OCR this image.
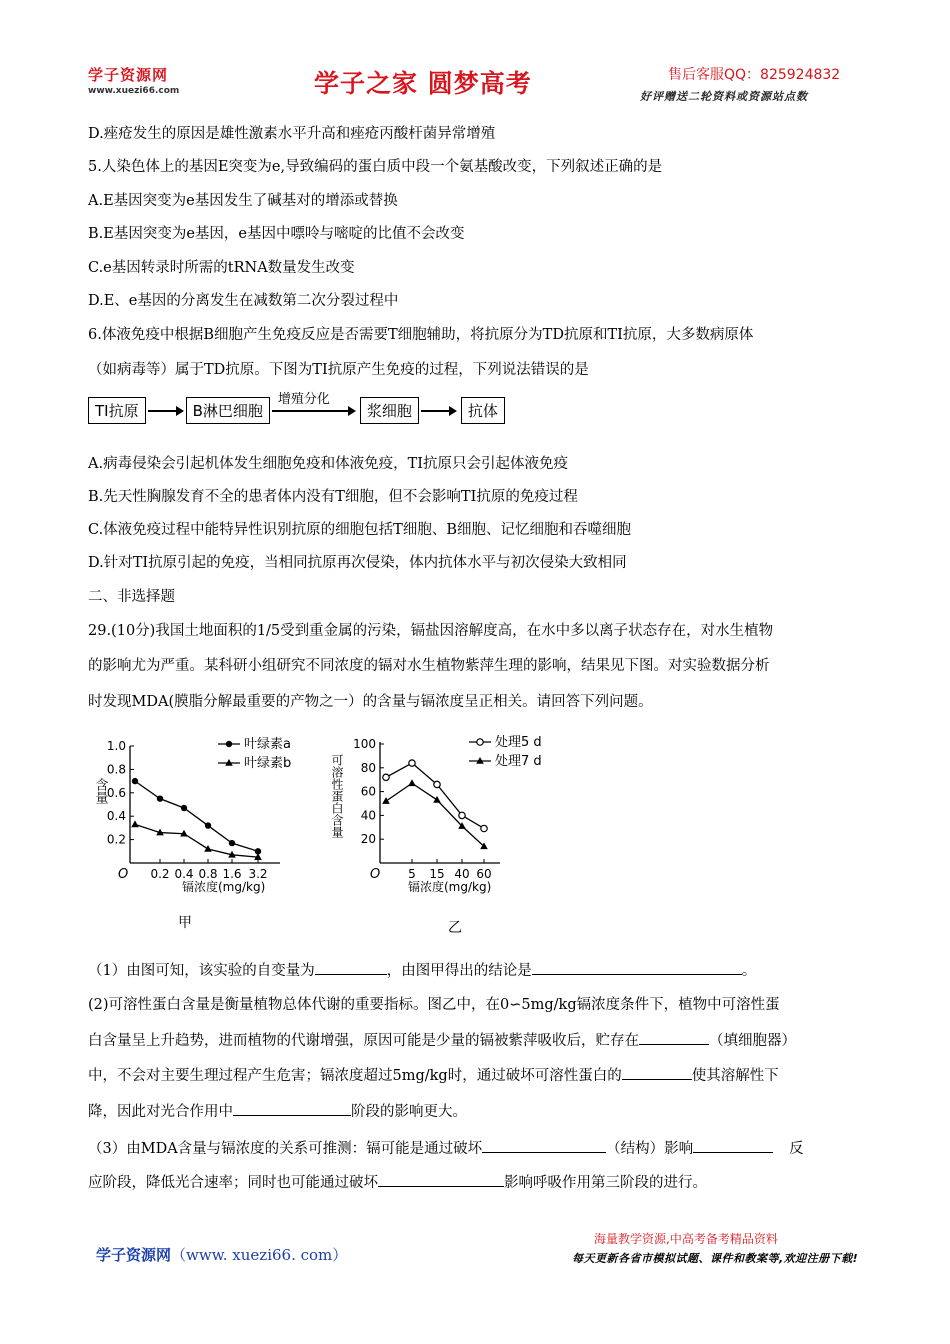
学子资源网
www.xuezi66.com	学子之家 圆梦高考	售后客服QQ：825924832
好评赠送二轮资料或资源站点数
D.痤疮发生的原因是雄性激素水平升高和痤疮丙酸杆菌异常增殖
5.人染色体上的基因E突变为e,导致编码的蛋白质中段一个氨基酸改变，下列叙述正确的是
A.E基因突变为e基因发生了碱基对的增添或替换
B.E基因突变为e基因，e基因中嘌呤与嘧啶的比值不会改变
C.e基因转录时所需的tRNA数量发生改变
D.E、e基因的分离发生在减数第二次分裂过程中
6.体液免疫中根据B细胞产生免疫反应是否需要T细胞辅助，将抗原分为TD抗原和TI抗原，大多数病原体
（如病毒等）属于TD抗原。下图为TI抗原产生免疫的过程，下列说法错误的是
TI抗原	B淋巴细胞
增殖分化
浆细胞	抗体
A.病毒侵染会引起机体发生细胞免疫和体液免疫，TI抗原只会引起体液免疫
B.先天性胸腺发育不全的患者体内没有T细胞，但不会影响TI抗原的免疫过程
C.体液免疫过程中能特异性识别抗原的细胞包括T细胞、B细胞、记忆细胞和吞噬细胞
D.针对TI抗原引起的免疫，当相同抗原再次侵染，体内抗体水平与初次侵染大致相同
二、非选择题
29.(10分)我国土地面积的1/5受到重金属的污染，镉盐因溶解度高，在水中多以离子状态存在，对水生植物
的影响尤为严重。某科研小组研究不同浓度的镉对水生植物紫萍生理的影响，结果见下图。对实验数据分析
时发现MDA(膜脂分解最重要的产物之一）的含量与镉浓度呈正相关。请回答下列问题。
含量
O
镉浓度(mg/kg)
甲
0.2
0.4
0.6
0.8
1.0
0.2 0.4 0.8 1.6 3.2
叶绿素a
叶绿素b	可溶性蛋白含量
O
镉浓度(mg/kg)
乙
20
40
60
80
100
5 15 40 60
处理5 d
处理7 d
（1）由图可知，该实验的自变量为	，由图甲得出的结论是	。
(2)可溶性蛋白含量是衡量植物总体代谢的重要指标。图乙中，在0∽5mg/kg镉浓度条件下，植物中可溶性蛋
白含量呈上升趋势，进而植物的代谢增强，原因可能是少量的镉被紫萍吸收后，贮存在	（填细胞器）
中，不会对主要生理过程产生危害；镉浓度超过5mg/kg时，通过破坏可溶性蛋白的	使其溶解性下
降，因此对光合作用中	阶段的影响更大。
（3）由MDA含量与镉浓度的关系可推测：镉可能是通过破坏	（结构）影响	反
应阶段，降低光合速率；同时也可能通过破坏	影响呼吸作用第三阶段的进行。
学子资源网（www. xuezi66. com）
海量教学资源,中高考备考精品资料
每天更新各省市模拟试题、课件和教案等,欢迎注册下载!
